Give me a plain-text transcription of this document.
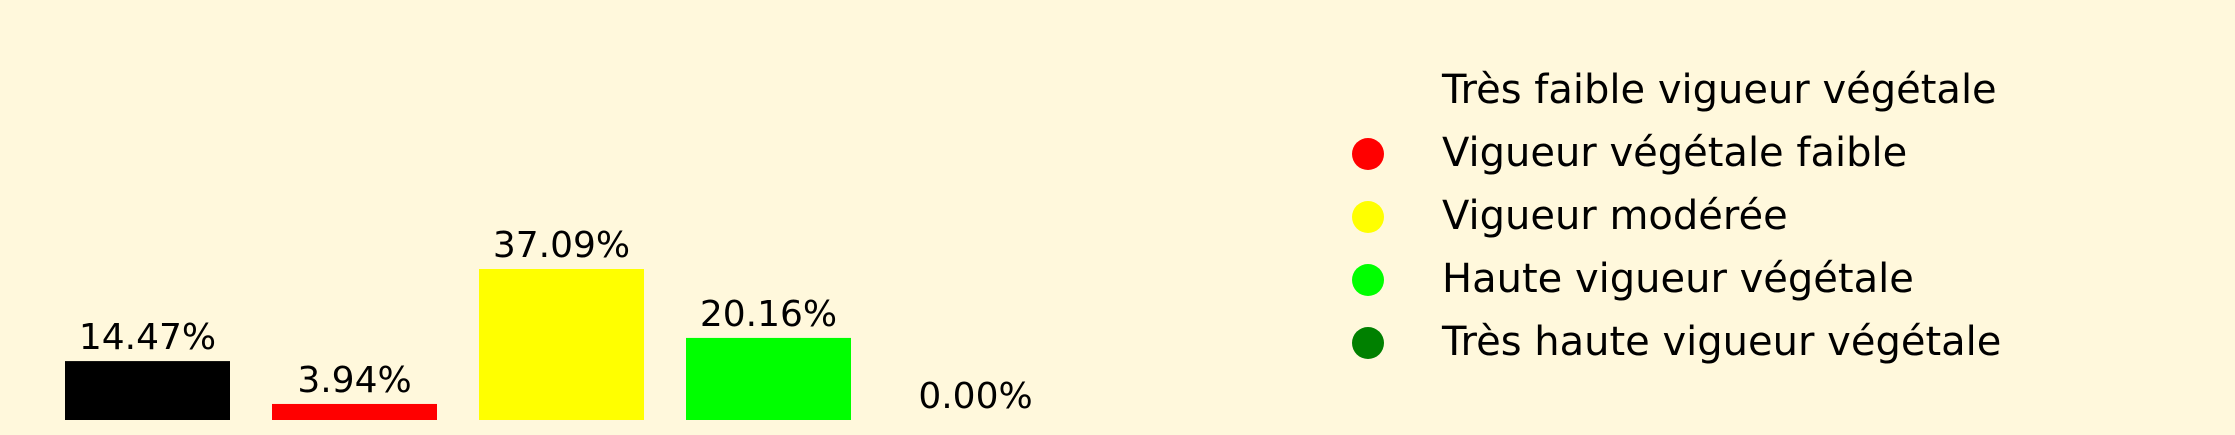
14.47%
3.94%
37.09%
20.16%
0.00%
Très faible vigueur végétale
Vigueur végétale faible
Vigueur modérée
Haute vigueur végétale
Très haute vigueur végétale
